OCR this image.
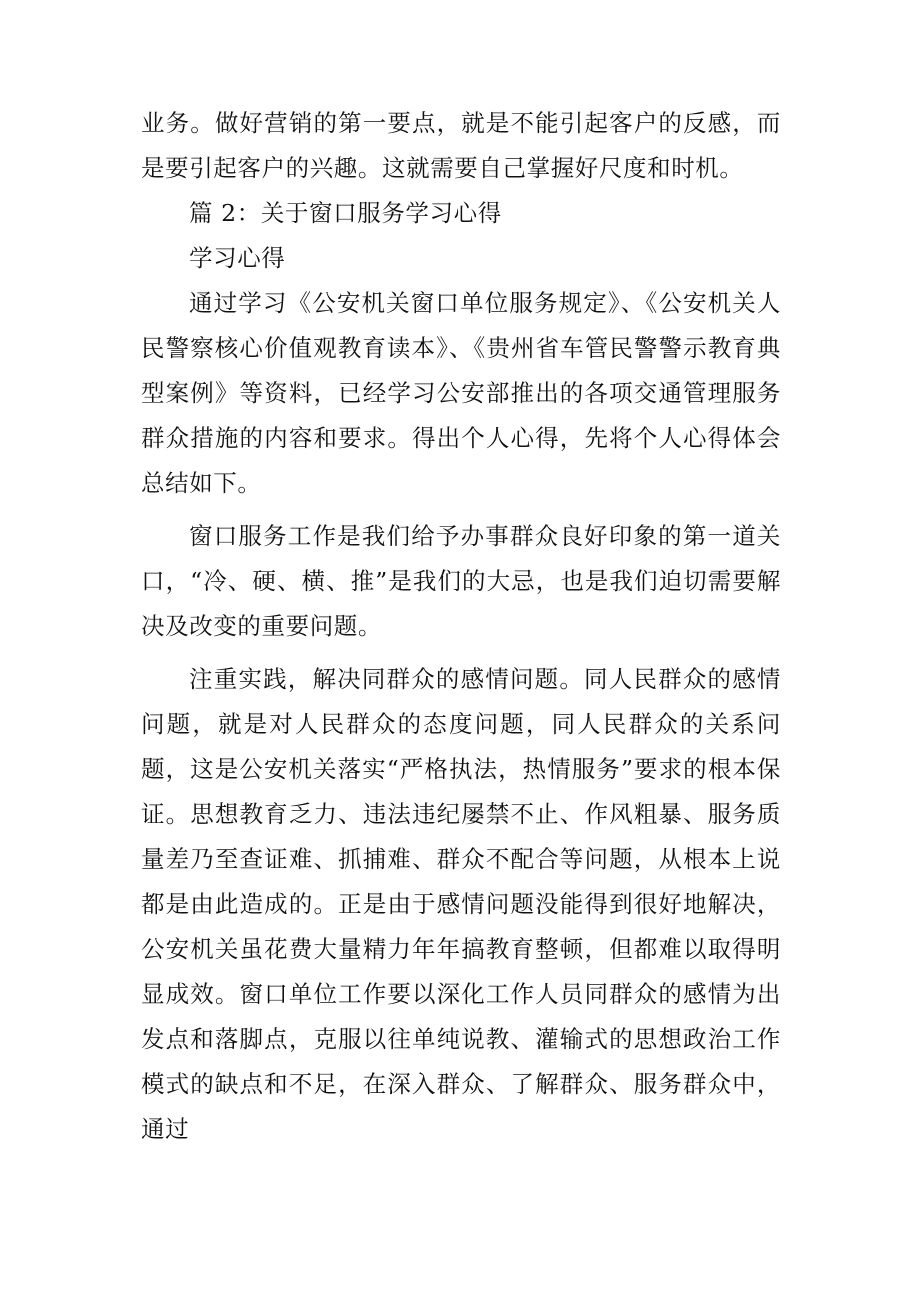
业务。做好营销的第一要点，就是不能引起客户的反感，而是要引起客户的兴趣。这就需要自己掌握好尺度和时机。

篇 2：关于窗口服务学习心得

学习心得

通过学习《公安机关窗口单位服务规定》、《公安机关人民警察核心价值观教育读本》、《贵州省车管民警警示教育典型案例》等资料，已经学习公安部推出的各项交通管理服务群众措施的内容和要求。得出个人心得，先将个人心得体会总结如下。

窗口服务工作是我们给予办事群众良好印象的第一道关口，“冷、硬、横、推”是我们的大忌，也是我们迫切需要解决及改变的重要问题。

注重实践，解决同群众的感情问题。同人民群众的感情问题，就是对人民群众的态度问题，同人民群众的关系问题，这是公安机关落实“严格执法，热情服务”要求的根本保证。思想教育乏力、违法违纪屡禁不止、作风粗暴、服务质量差乃至查证难、抓捕难、群众不配合等问题，从根本上说都是由此造成的。正是由于感情问题没能得到很好地解决，公安机关虽花费大量精力年年搞教育整顿，但都难以取得明显成效。窗口单位工作要以深化工作人员同群众的感情为出发点和落脚点，克服以往单纯说教、灌输式的思想政治工作模式的缺点和不足，在深入群众、了解群众、服务群众中，通过
